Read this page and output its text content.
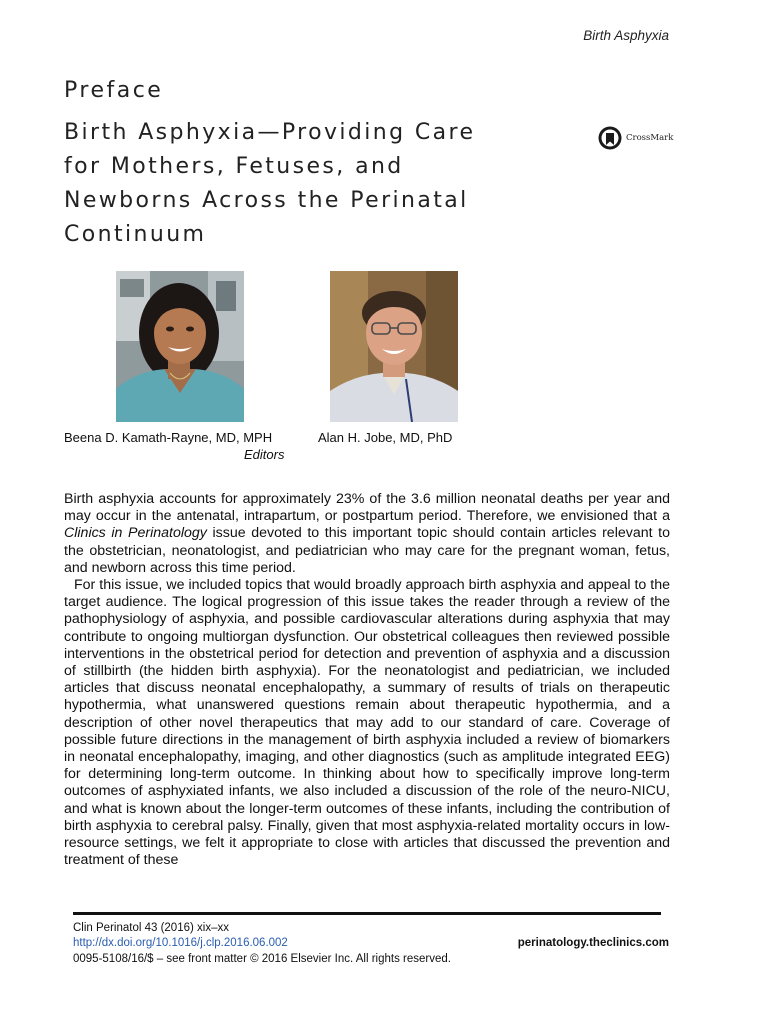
Birth Asphyxia
Preface
Birth Asphyxia—Providing Care
for Mothers, Fetuses, and
Newborns Across the Perinatal
Continuum
CrossMark
Beena D. Kamath-Rayne, MD, MPH	Alan H. Jobe, MD, PhD
Editors

Birth asphyxia accounts for approximately 23% of the 3.6 million neonatal deaths per year and may occur in the antenatal, intrapartum, or postpartum period. Therefore, we envisioned that a Clinics in Perinatology issue devoted to this important topic should contain articles relevant to the obstetrician, neonatologist, and pediatrician who may care for the pregnant woman, fetus, and newborn across this time period.

For this issue, we included topics that would broadly approach birth asphyxia and appeal to the target audience. The logical progression of this issue takes the reader through a review of the pathophysiology of asphyxia, and possible cardiovascular alterations during asphyxia that may contribute to ongoing multiorgan dysfunction. Our obstetrical colleagues then reviewed possible interventions in the obstetrical period for detection and prevention of asphyxia and a discussion of stillbirth (the hidden birth asphyxia). For the neonatologist and pediatrician, we included articles that discuss neonatal encephalopathy, a summary of results of trials on therapeutic hypothermia, what unanswered questions remain about therapeutic hypothermia, and a description of other novel therapeutics that may add to our standard of care. Coverage of possible future directions in the management of birth asphyxia included a review of biomarkers in neonatal encephalopathy, imaging, and other diagnostics (such as amplitude integrated EEG) for determining long-term outcome. In thinking about how to specifically improve long-term outcomes of asphyxiated infants, we also included a discussion of the role of the neuro-NICU, and what is known about the longer-term outcomes of these infants, including the contribution of birth asphyxia to cerebral palsy. Finally, given that most asphyxia-related mortality occurs in low-resource settings, we felt it appropriate to close with articles that discussed the prevention and treatment of these

Clin Perinatol 43 (2016) xix–xx
http://dx.doi.org/10.1016/j.clp.2016.06.002	perinatology.theclinics.com
0095-5108/16/$ – see front matter © 2016 Elsevier Inc. All rights reserved.
